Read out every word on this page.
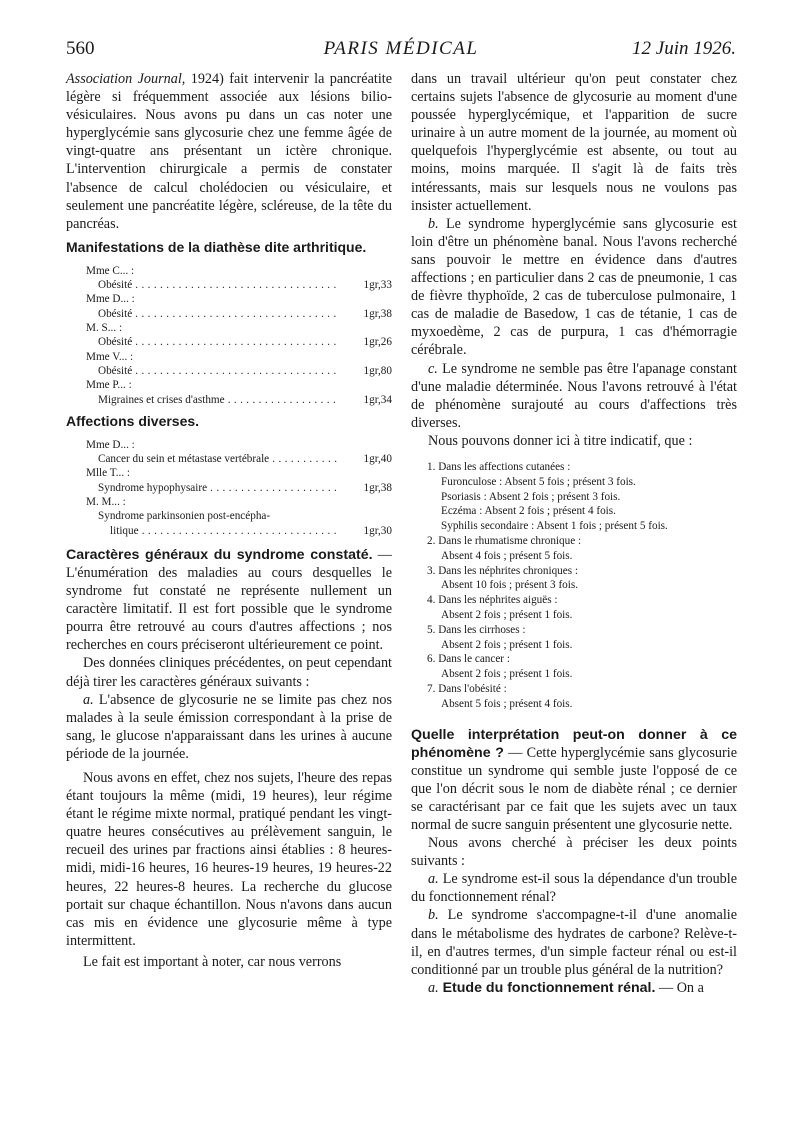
560	PARIS MÉDICAL	12 Juin 1926.

Association Journal, 1924) fait intervenir la pancréatite légère si fréquemment associée aux lésions bilio-vésiculaires. Nous avons pu dans un cas noter une hyperglycémie sans glycosurie chez une femme âgée de vingt-quatre ans présentant un ictère chronique. L'intervention chirurgicale a permis de constater l'absence de calcul cholédocien ou vésiculaire, et seulement une pancréatite légère, scléreuse, de la tête du pancréas.

Manifestations de la diathèse dite arthritique.
Mme C... :
Obésité . . .	1gr,33
Mme D... :
Obésité . . .	1gr,38
M. S... :
Obésité . . .	1gr,26
Mme V... :
Obésité . . .	1gr,80
Mme P... :
Migraines et crises d'asthme . . .	1gr,34
Affections diverses.
Mme D... :
Cancer du sein et métastase vertébrale . . .	1gr,40
Mlle T... :
Syndrome hypophysaire . . .	1gr,38
M. M... :
Syndrome parkinsonien post-encépha-
litique . . .	1gr,30

Caractères généraux du syndrome constaté. — L'énumération des maladies au cours desquelles le syndrome fut constaté ne représente nullement un caractère limitatif. Il est fort possible que le syndrome pourra être retrouvé au cours d'autres affections ; nos recherches en cours préciseront ultérieurement ce point.

Des données cliniques précédentes, on peut cependant déjà tirer les caractères généraux suivants :

a. L'absence de glycosurie ne se limite pas chez nos malades à la seule émission correspondant à la prise de sang, le glucose n'apparaissant dans les urines à aucune période de la journée.

Nous avons en effet, chez nos sujets, l'heure des repas étant toujours la même (midi, 19 heures), leur régime étant le régime mixte normal, pratiqué pendant les vingt-quatre heures consécutives au prélèvement sanguin, le recueil des urines par fractions ainsi établies : 8 heures-midi, midi-16 heures, 16 heures-19 heures, 19 heures-22 heures, 22 heures-8 heures. La recherche du glucose portait sur chaque échantillon. Nous n'avons dans aucun cas mis en évidence une glycosurie même à type intermittent.

Le fait est important à noter, car nous verrons

dans un travail ultérieur qu'on peut constater chez certains sujets l'absence de glycosurie au moment d'une poussée hyperglycémique, et l'apparition de sucre urinaire à un autre moment de la journée, au moment où quelquefois l'hyperglycémie est absente, ou tout au moins, moins marquée. Il s'agit là de faits très intéressants, mais sur lesquels nous ne voulons pas insister actuellement.

b. Le syndrome hyperglycémie sans glycosurie est loin d'être un phénomène banal. Nous l'avons recherché sans pouvoir le mettre en évidence dans d'autres affections ; en particulier dans 2 cas de pneumonie, 1 cas de fièvre thyphoïde, 2 cas de tuberculose pulmonaire, 1 cas de maladie de Basedow, 1 cas de tétanie, 1 cas de myxoedème, 2 cas de purpura, 1 cas d'hémorragie cérébrale.

c. Le syndrome ne semble pas être l'apanage constant d'une maladie déterminée. Nous l'avons retrouvé à l'état de phénomène surajouté au cours d'affections très diverses.

Nous pouvons donner ici à titre indicatif, que :

1. Dans les affections cutanées :
Furonculose : Absent 5 fois ; présent 3 fois.
Psoriasis : Absent 2 fois ; présent 3 fois.
Eczéma : Absent 2 fois ; présent 4 fois.
Syphilis secondaire : Absent 1 fois ; présent 5 fois.
2. Dans le rhumatisme chronique :
Absent 4 fois ; présent 5 fois.
3. Dans les néphrites chroniques :
Absent 10 fois ; présent 3 fois.
4. Dans les néphrites aiguës :
Absent 2 fois ; présent 1 fois.
5. Dans les cirrhoses :
Absent 2 fois ; présent 1 fois.
6. Dans le cancer :
Absent 2 fois ; présent 1 fois.
7. Dans l'obésité :
Absent 5 fois ; présent 4 fois.

Quelle interprétation peut-on donner à ce phénomène ? — Cette hyperglycémie sans glycosurie constitue un syndrome qui semble juste l'opposé de ce que l'on décrit sous le nom de diabète rénal ; ce dernier se caractérisant par ce fait que les sujets avec un taux normal de sucre sanguin présentent une glycosurie nette.

Nous avons cherché à préciser les deux points suivants :

a. Le syndrome est-il sous la dépendance d'un trouble du fonctionnement rénal?

b. Le syndrome s'accompagne-t-il d'une anomalie dans le métabolisme des hydrates de carbone? Relève-t-il, en d'autres termes, d'un simple facteur rénal ou est-il conditionné par un trouble plus général de la nutrition?

a. Etude du fonctionnement rénal. — On a
